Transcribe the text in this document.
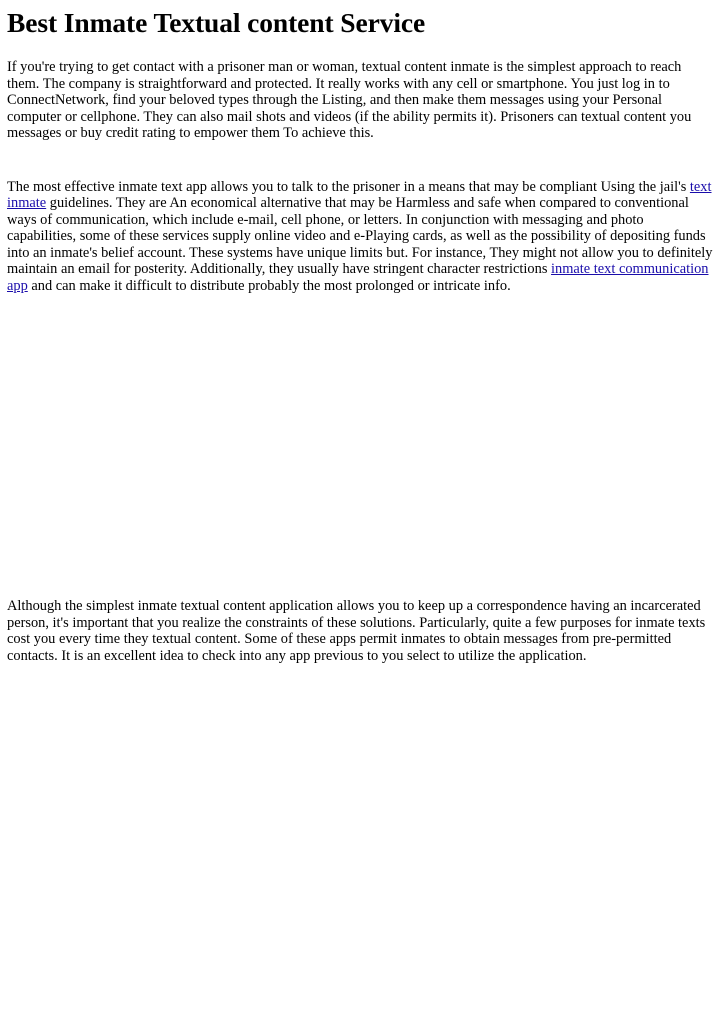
Best Inmate Textual content Service

If you're trying to get contact with a prisoner man or woman, textual content inmate is the simplest approach to reach them. The company is straightforward and protected. It really works with any cell or smartphone. You just log in to ConnectNetwork, find your beloved types through the Listing, and then make them messages using your Personal computer or cellphone. They can also mail shots and videos (if the ability permits it). Prisoners can textual content you messages or buy credit rating to empower them To achieve this.

The most effective inmate text app allows you to talk to the prisoner in a means that may be compliant Using the jail's text inmate guidelines. They are An economical alternative that may be Harmless and safe when compared to conventional ways of communication, which include e-mail, cell phone, or letters. In conjunction with messaging and photo capabilities, some of these services supply online video and e-Playing cards, as well as the possibility of depositing funds into an inmate's belief account. These systems have unique limits but. For instance, They might not allow you to definitely maintain an email for posterity. Additionally, they usually have stringent character restrictions inmate text communication app and can make it difficult to distribute probably the most prolonged or intricate info.

Although the simplest inmate textual content application allows you to keep up a correspondence having an incarcerated person, it's important that you realize the constraints of these solutions. Particularly, quite a few purposes for inmate texts cost you every time they textual content. Some of these apps permit inmates to obtain messages from pre-permitted contacts. It is an excellent idea to check into any app previous to you select to utilize the application.
